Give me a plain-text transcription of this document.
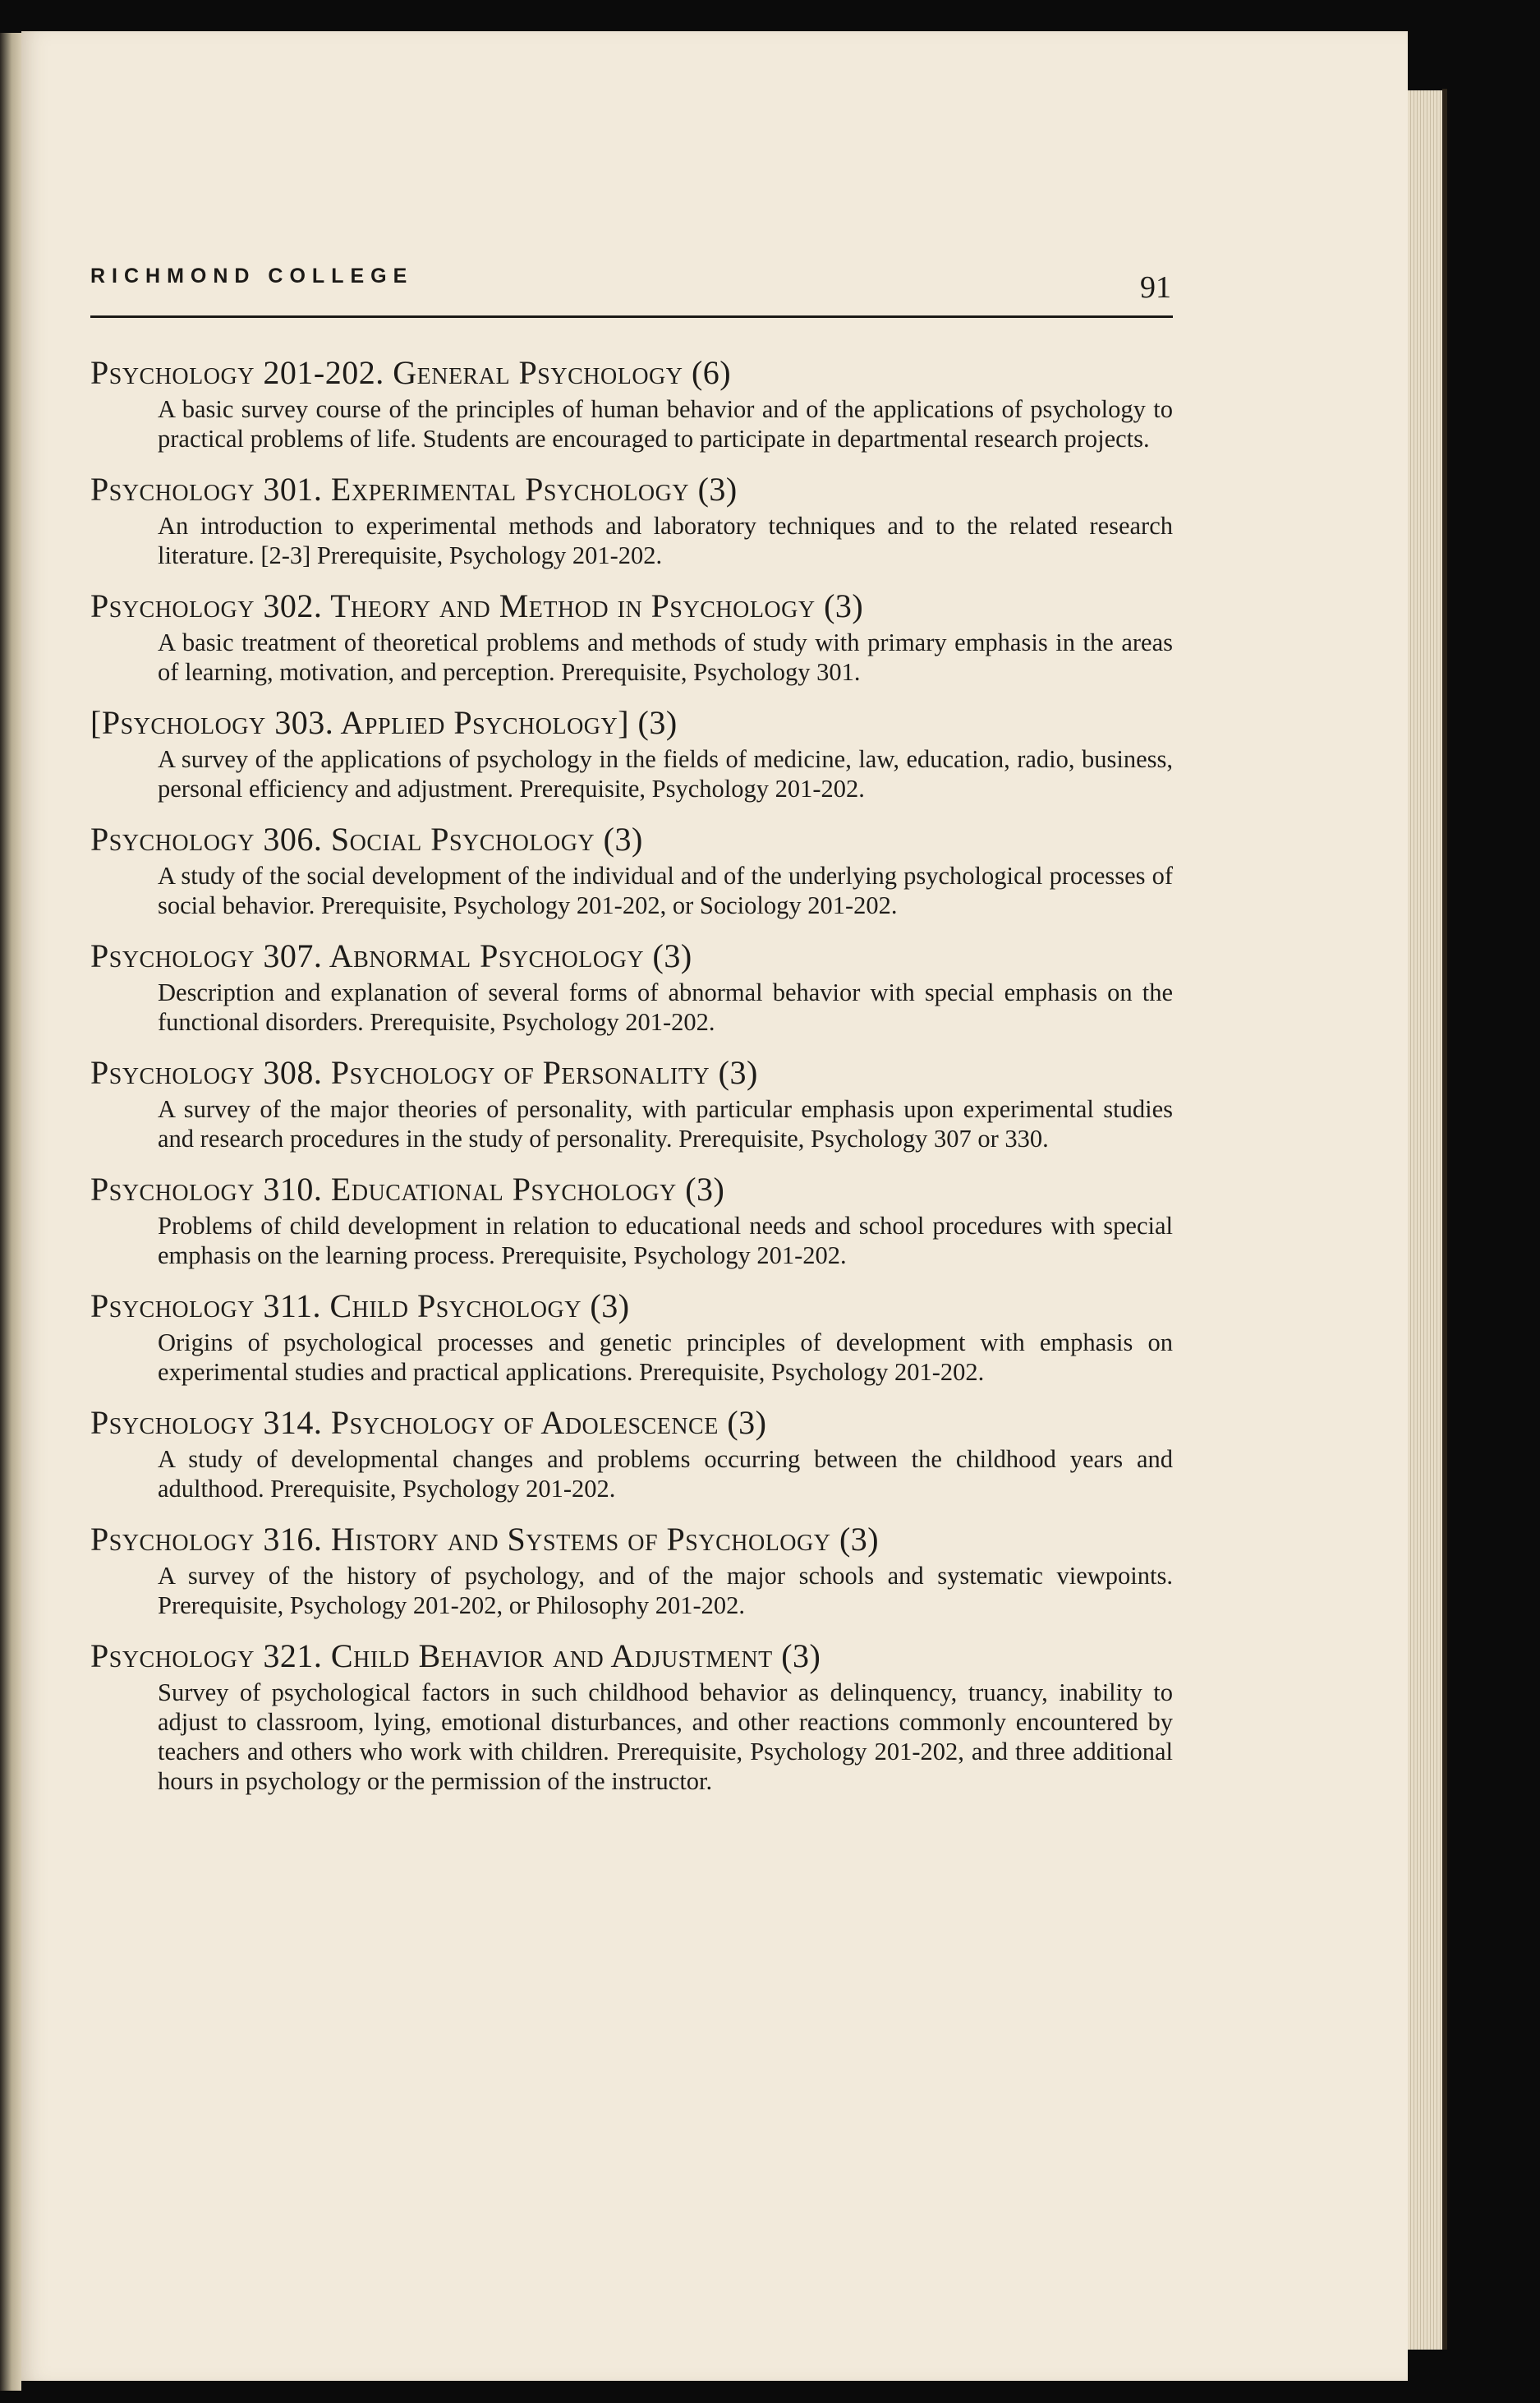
RICHMOND COLLEGE	91
Psychology 201-202. General Psychology (6)
A basic survey course of the principles of human behavior and of the applications of psychology to practical problems of life. Students are encouraged to participate in departmental research projects.
Psychology 301. Experimental Psychology (3)
An introduction to experimental methods and laboratory techniques and to the related research literature. [2-3] Prerequisite, Psychology 201-202.
Psychology 302. Theory and Method in Psychology (3)
A basic treatment of theoretical problems and methods of study with primary emphasis in the areas of learning, motivation, and perception. Prerequisite, Psychology 301.
[Psychology 303. Applied Psychology] (3)
A survey of the applications of psychology in the fields of medicine, law, education, radio, business, personal efficiency and adjustment. Prerequisite, Psychology 201-202.
Psychology 306. Social Psychology (3)
A study of the social development of the individual and of the underlying psychological processes of social behavior. Prerequisite, Psychology 201-202, or Sociology 201-202.
Psychology 307. Abnormal Psychology (3)
Description and explanation of several forms of abnormal behavior with special emphasis on the functional disorders. Prerequisite, Psychology 201-202.
Psychology 308. Psychology of Personality (3)
A survey of the major theories of personality, with particular emphasis upon experimental studies and research procedures in the study of personality. Prerequisite, Psychology 307 or 330.
Psychology 310. Educational Psychology (3)
Problems of child development in relation to educational needs and school procedures with special emphasis on the learning process. Prerequisite, Psychology 201-202.
Psychology 311. Child Psychology (3)
Origins of psychological processes and genetic principles of development with emphasis on experimental studies and practical applications. Prerequisite, Psychology 201-202.
Psychology 314. Psychology of Adolescence (3)
A study of developmental changes and problems occurring between the childhood years and adulthood. Prerequisite, Psychology 201-202.
Psychology 316. History and Systems of Psychology (3)
A survey of the history of psychology, and of the major schools and systematic viewpoints. Prerequisite, Psychology 201-202, or Philosophy 201-202.
Psychology 321. Child Behavior and Adjustment (3)
Survey of psychological factors in such childhood behavior as delinquency, truancy, inability to adjust to classroom, lying, emotional disturbances, and other reactions commonly encountered by teachers and others who work with children. Prerequisite, Psychology 201-202, and three additional hours in psychology or the permission of the instructor.
